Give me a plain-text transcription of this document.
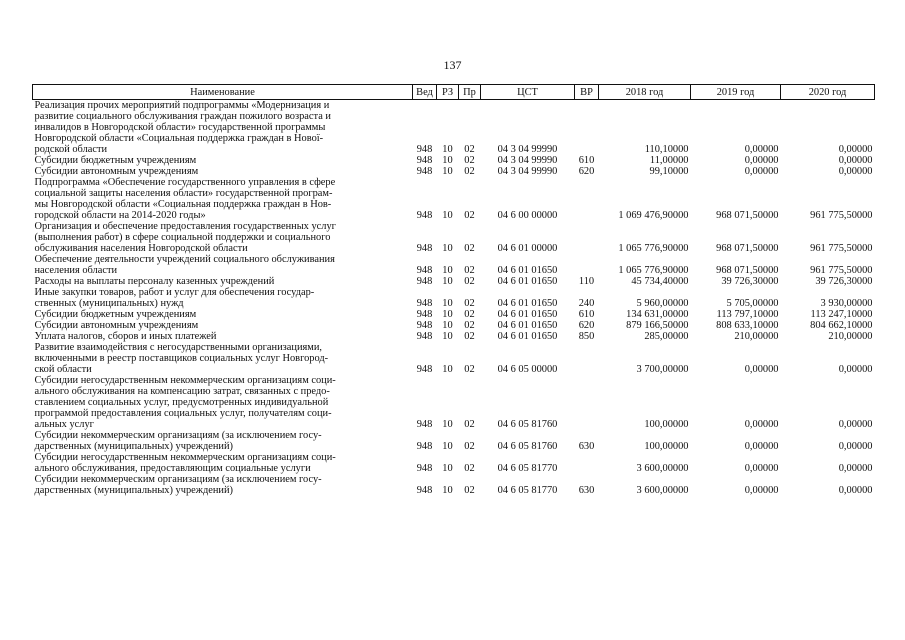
137
Наименование	Вед	РЗ	Пр	ЦСТ	ВР	2018 год	2019 год	2020 год

Реализация прочих мероприятий подпрограммы «Модернизация и
развитие социального обслуживания граждан пожилого возраста и
инвалидов в Новгородской области» государственной программы
Новгородской области «Социальная поддержка граждан в Нової-
родской области	948	10	02	04 3 04 99990		110,10000	0,00000	0,00000

Субсидии бюджетным учреждениям	948	10	02	04 3 04 99990	610	11,00000	0,00000	0,00000

Субсидии автономным учреждениям	948	10	02	04 3 04 99990	620	99,10000	0,00000	0,00000

Подпрограмма «Обеспечение государственного управления в сфере
социальной защиты населения области» государственной програм-
мы Новгородской области «Социальная поддержка граждан в Нов-
городской области на 2014-2020 годы»	948	10	02	04 6 00 00000		1 069 476,90000	968 071,50000	961 775,50000

Организация и обеспечение предоставления государственных услуг
(выполнения работ) в сфере социальной поддержки и социального
обслуживания населения Новгородской области	948	10	02	04 6 01 00000		1 065 776,90000	968 071,50000	961 775,50000

Обеспечение деятельности учреждений социального обслуживания
населения области	948	10	02	04 6 01 01650		1 065 776,90000	968 071,50000	961 775,50000

Расходы на выплаты персоналу казенных учреждений	948	10	02	04 6 01 01650	110	45 734,40000	39 726,30000	39 726,30000

Иные закупки товаров, работ и услуг для обеспечения государ-
ственных (муниципальных) нужд	948	10	02	04 6 01 01650	240	5 960,00000	5 705,00000	3 930,00000

Субсидии бюджетным учреждениям	948	10	02	04 6 01 01650	610	134 631,00000	113 797,10000	113 247,10000

Субсидии автономным учреждениям	948	10	02	04 6 01 01650	620	879 166,50000	808 633,10000	804 662,10000

Уплата налогов, сборов и иных платежей	948	10	02	04 6 01 01650	850	285,00000	210,00000	210,00000

Развитие взаимодействия с негосударственными организациями,
включенными в реестр поставщиков социальных услуг Новгород-
ской области	948	10	02	04 6 05 00000		3 700,00000	0,00000	0,00000

Субсидии негосударственным некоммерческим организациям соци-
ального обслуживания на компенсацию затрат, связанных с предо-
ставлением социальных услуг, предусмотренных индивидуальной
программой предоставления социальных услуг, получателям соци-
альных услуг	948	10	02	04 6 05 81760		100,00000	0,00000	0,00000

Субсидии некоммерческим организациям (за исключением госу-
дарственных (муниципальных) учреждений)	948	10	02	04 6 05 81760	630	100,00000	0,00000	0,00000

Субсидии негосударственным некоммерческим организациям соци-
ального обслуживания, предоставляющим социальные услуги	948	10	02	04 6 05 81770		3 600,00000	0,00000	0,00000

Субсидии некоммерческим организациям (за исключением госу-
дарственных (муниципальных) учреждений)	948	10	02	04 6 05 81770	630	3 600,00000	0,00000	0,00000
